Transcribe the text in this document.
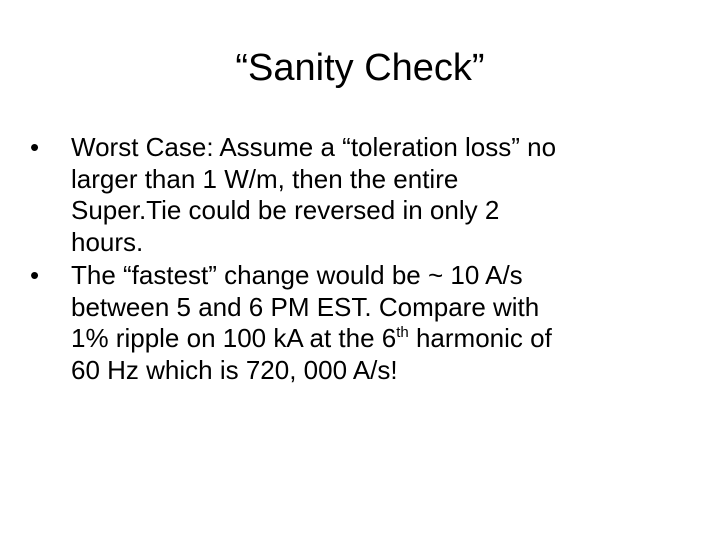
“Sanity Check”
•	Worst Case: Assume a “toleration loss” no
larger than 1 W/m, then the entire
Super.Tie could be reversed in only 2
hours.
•	The “fastest” change would be ~ 10 A/s
between 5 and 6 PM EST. Compare with
1% ripple on 100 kA at the 6th harmonic of
60 Hz which is 720, 000 A/s!
